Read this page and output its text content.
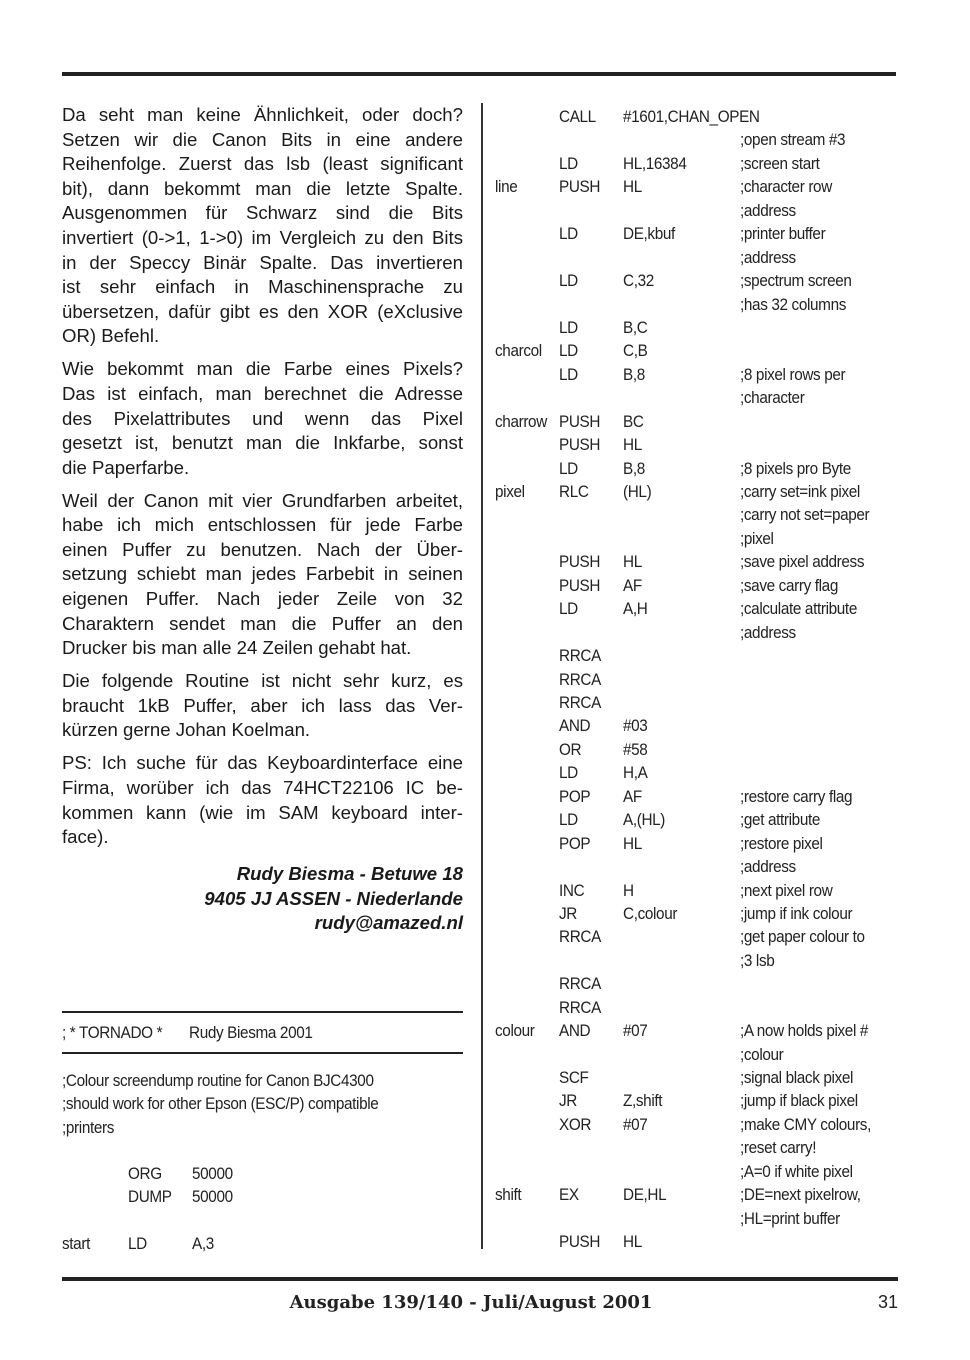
Da seht man keine Ähnlichkeit, oder doch?
Setzen wir die Canon Bits in eine andere
Reihenfolge. Zuerst das lsb (least significant
bit), dann bekommt man die letzte Spalte.
Ausgenommen für Schwarz sind die Bits
invertiert (0->1, 1->0) im Vergleich zu den Bits
in der Speccy Binär Spalte. Das invertieren
ist sehr einfach in Maschinensprache zu
übersetzen, dafür gibt es den XOR (eXclusive
OR) Befehl.

Wie bekommt man die Farbe eines Pixels?
Das ist einfach, man berechnet die Adresse
des Pixelattributes und wenn das Pixel
gesetzt ist, benutzt man die Inkfarbe, sonst
die Paperfarbe.

Weil der Canon mit vier Grundfarben arbeitet,
habe ich mich entschlossen für jede Farbe
einen Puffer zu benutzen. Nach der Über-
setzung schiebt man jedes Farbebit in seinen
eigenen Puffer. Nach jeder Zeile von 32
Charaktern sendet man die Puffer an den
Drucker bis man alle 24 Zeilen gehabt hat.

Die folgende Routine ist nicht sehr kurz, es
braucht 1kB Puffer, aber ich lass das Ver-
kürzen gerne Johan Koelman.

PS: Ich suche für das Keyboardinterface eine
Firma, worüber ich das 74HCT22106 IC be-
kommen kann (wie im SAM keyboard inter-
face).

Rudy Biesma - Betuwe 18
9405 JJ ASSEN - Niederlande
rudy@amazed.nl
; * TORNADO * Rudy Biesma 2001
;Colour screendump routine for Canon BJC4300
;should work for other Epson (ESC/P) compatible
;printers
ORG 50000
DUMP 50000
start LD	A,3
CALL #1601,CHAN_OPEN
;open stream #3
LD	HL,16384	;screen start
line PUSH HL	;character row
;address
LD	DE,kbuf	;printer buffer
;address
LD	C,32	;spectrum screen
;has 32 columns
LD	B,C
charcol LD	C,B
LD	B,8	;8 pixel rows per
;character
charrow PUSH BC
PUSH HL
LD	B,8	;8 pixels pro Byte
pixel RLC (HL)	;carry set=ink pixel
;carry not set=paper
;pixel
PUSH HL	;save pixel address
PUSH AF	;save carry flag
LD	A,H	;calculate attribute
;address
RRCA
RRCA
RRCA
AND #03
OR #58
LD	H,A
POP AF	;restore carry flag
LD	A,(HL)	;get attribute
POP HL	;restore pixel
;address
INC H	;next pixel row
JR	C,colour	;jump if ink colour
RRCA	;get paper colour to
;3 lsb
RRCA
RRCA
colour AND #07	;A now holds pixel #
;colour
SCF	;signal black pixel
JR	Z,shift	;jump if black pixel
XOR #07	;make CMY colours,
;reset carry!
;A=0 if white pixel
shift EX	DE,HL	;DE=next pixelrow,
;HL=print buffer
PUSH HL
Ausgabe 139/140 - Juli/August 2001	31
